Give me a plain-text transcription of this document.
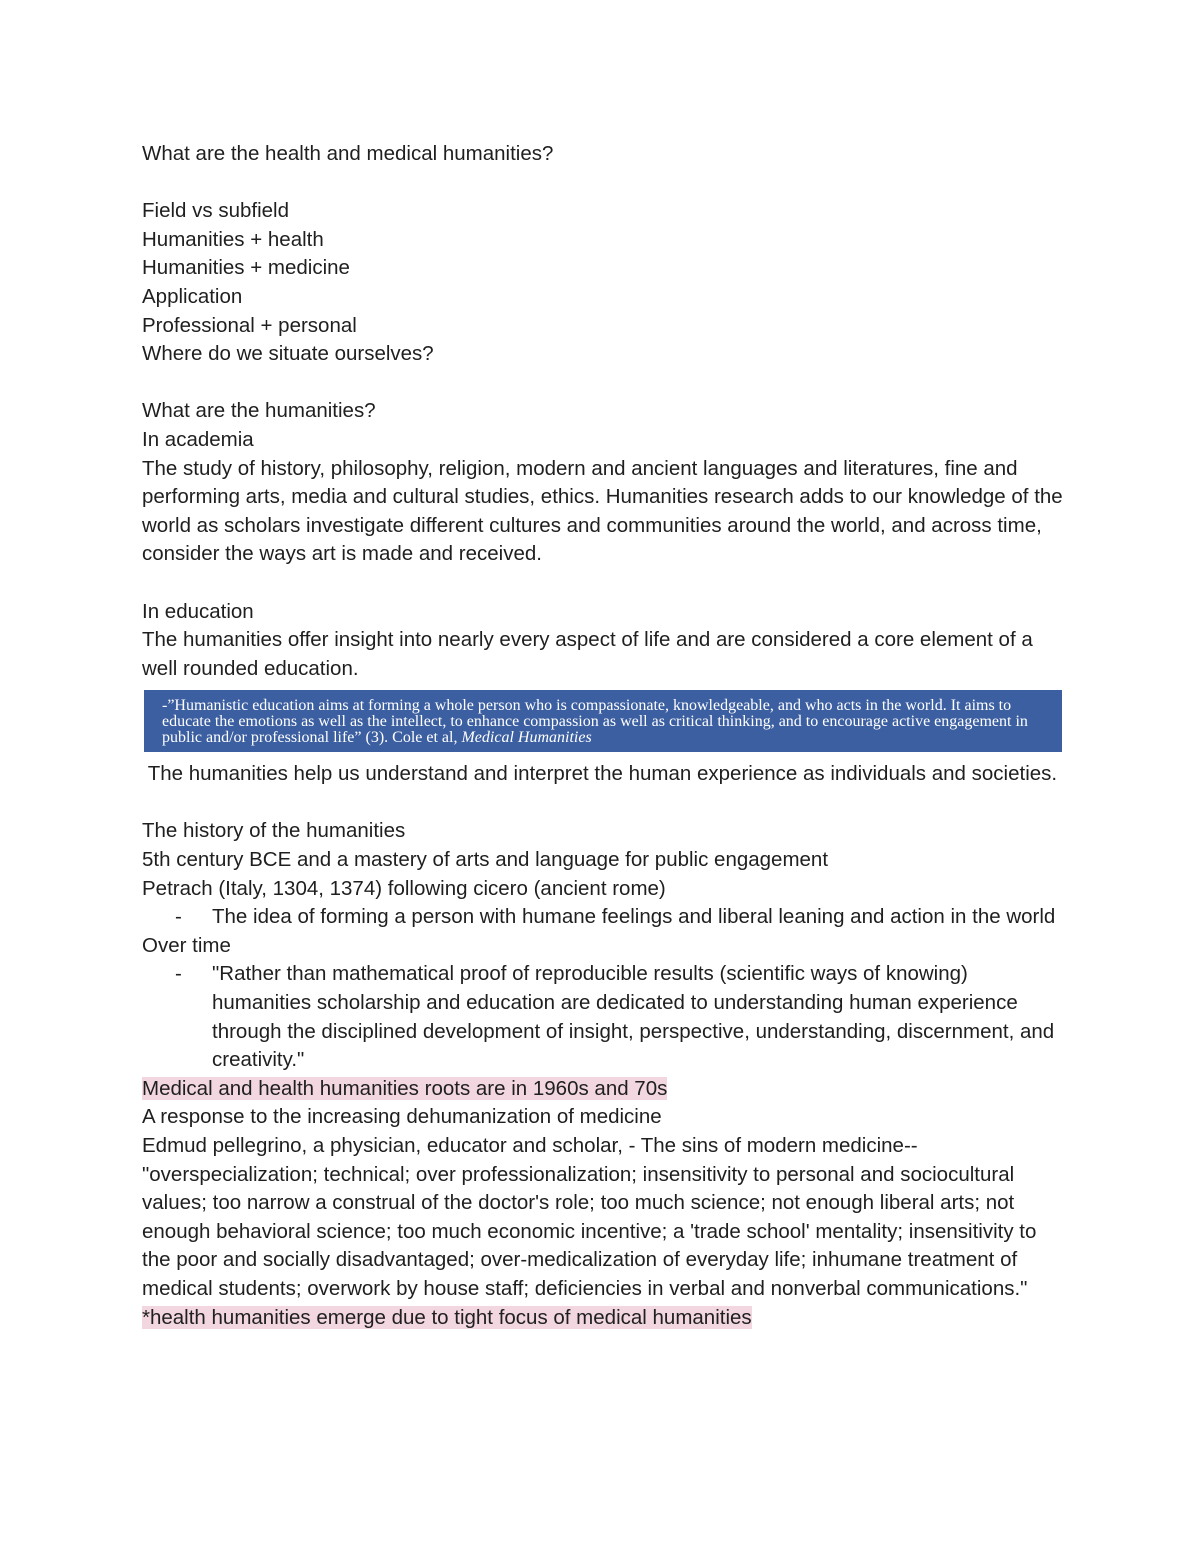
What are the health and medical humanities?

Field vs subfield

Humanities + health

Humanities + medicine

Application

Professional + personal

Where do we situate ourselves?

What are the humanities?

In academia

The study of history, philosophy, religion, modern and ancient languages and literatures, fine and performing arts, media and cultural studies, ethics. Humanities research adds to our knowledge of the world as scholars investigate different cultures and communities around the world, and across time, consider the ways art is made and received.

In education

The humanities offer insight into nearly every aspect of life and are considered a core element of a well rounded education.

-”Humanistic education aims at forming a whole person who is compassionate, knowledgeable, and who acts in the world. It aims to educate the emotions as well as the intellect, to enhance compassion as well as critical thinking, and to encourage active engagement in public and/or professional life” (3). Cole et al, Medical Humanities

The humanities help us understand and interpret the human experience as individuals and societies.

The history of the humanities

5th century BCE and a mastery of arts and language for public engagement

Petrach (Italy, 1304, 1374) following cicero (ancient rome)

- The idea of forming a person with humane feelings and liberal leaning and action in the world

Over time

- "Rather than mathematical proof of reproducible results (scientific ways of knowing) humanities scholarship and education are dedicated to understanding human experience through the disciplined development of insight, perspective, understanding, discernment, and creativity."

Medical and health humanities roots are in 1960s and 70s

A response to the increasing dehumanization of medicine

Edmud pellegrino, a physician, educator and scholar, - The sins of modern medicine--"overspecialization; technical; over professionalization; insensitivity to personal and sociocultural values; too narrow a construal of the doctor's role; too much science; not enough liberal arts; not enough behavioral science; too much economic incentive; a 'trade school' mentality; insensitivity to the poor and socially disadvantaged; over-medicalization of everyday life; inhumane treatment of medical students; overwork by house staff; deficiencies in verbal and nonverbal communications."

*health humanities emerge due to tight focus of medical humanities
